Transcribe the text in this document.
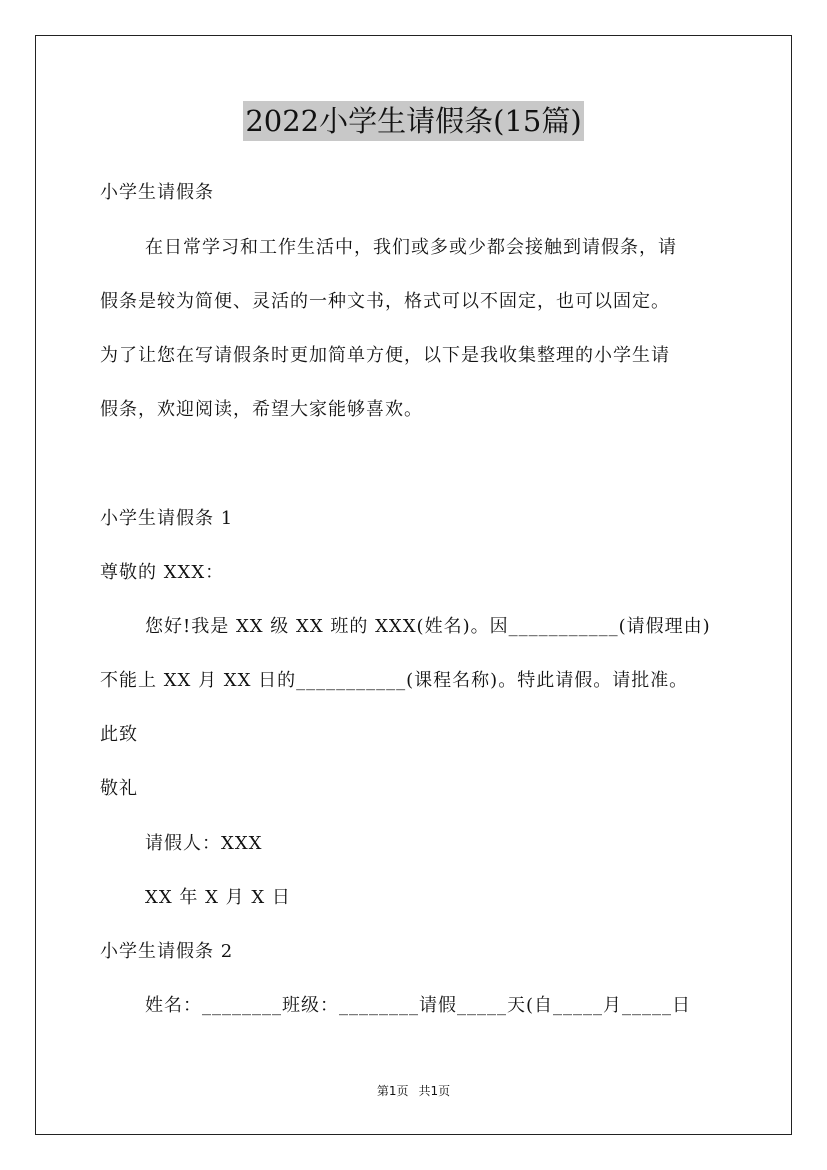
2022小学生请假条(15篇)
小学生请假条
在日常学习和工作生活中，我们或多或少都会接触到请假条，请
假条是较为简便、灵活的一种文书，格式可以不固定，也可以固定。
为了让您在写请假条时更加简单方便，以下是我收集整理的小学生请
假条，欢迎阅读，希望大家能够喜欢。
小学生请假条 1
尊敬的 XXX：
您好!我是 XX 级 XX 班的 XXX(姓名)。因___________(请假理由)
不能上 XX 月 XX 日的___________(课程名称)。特此请假。请批准。
此致
敬礼
请假人：XXX
XX 年 X 月 X 日
小学生请假条 2
姓名：________班级：________请假_____天(自_____月_____日
第1页 共1页
